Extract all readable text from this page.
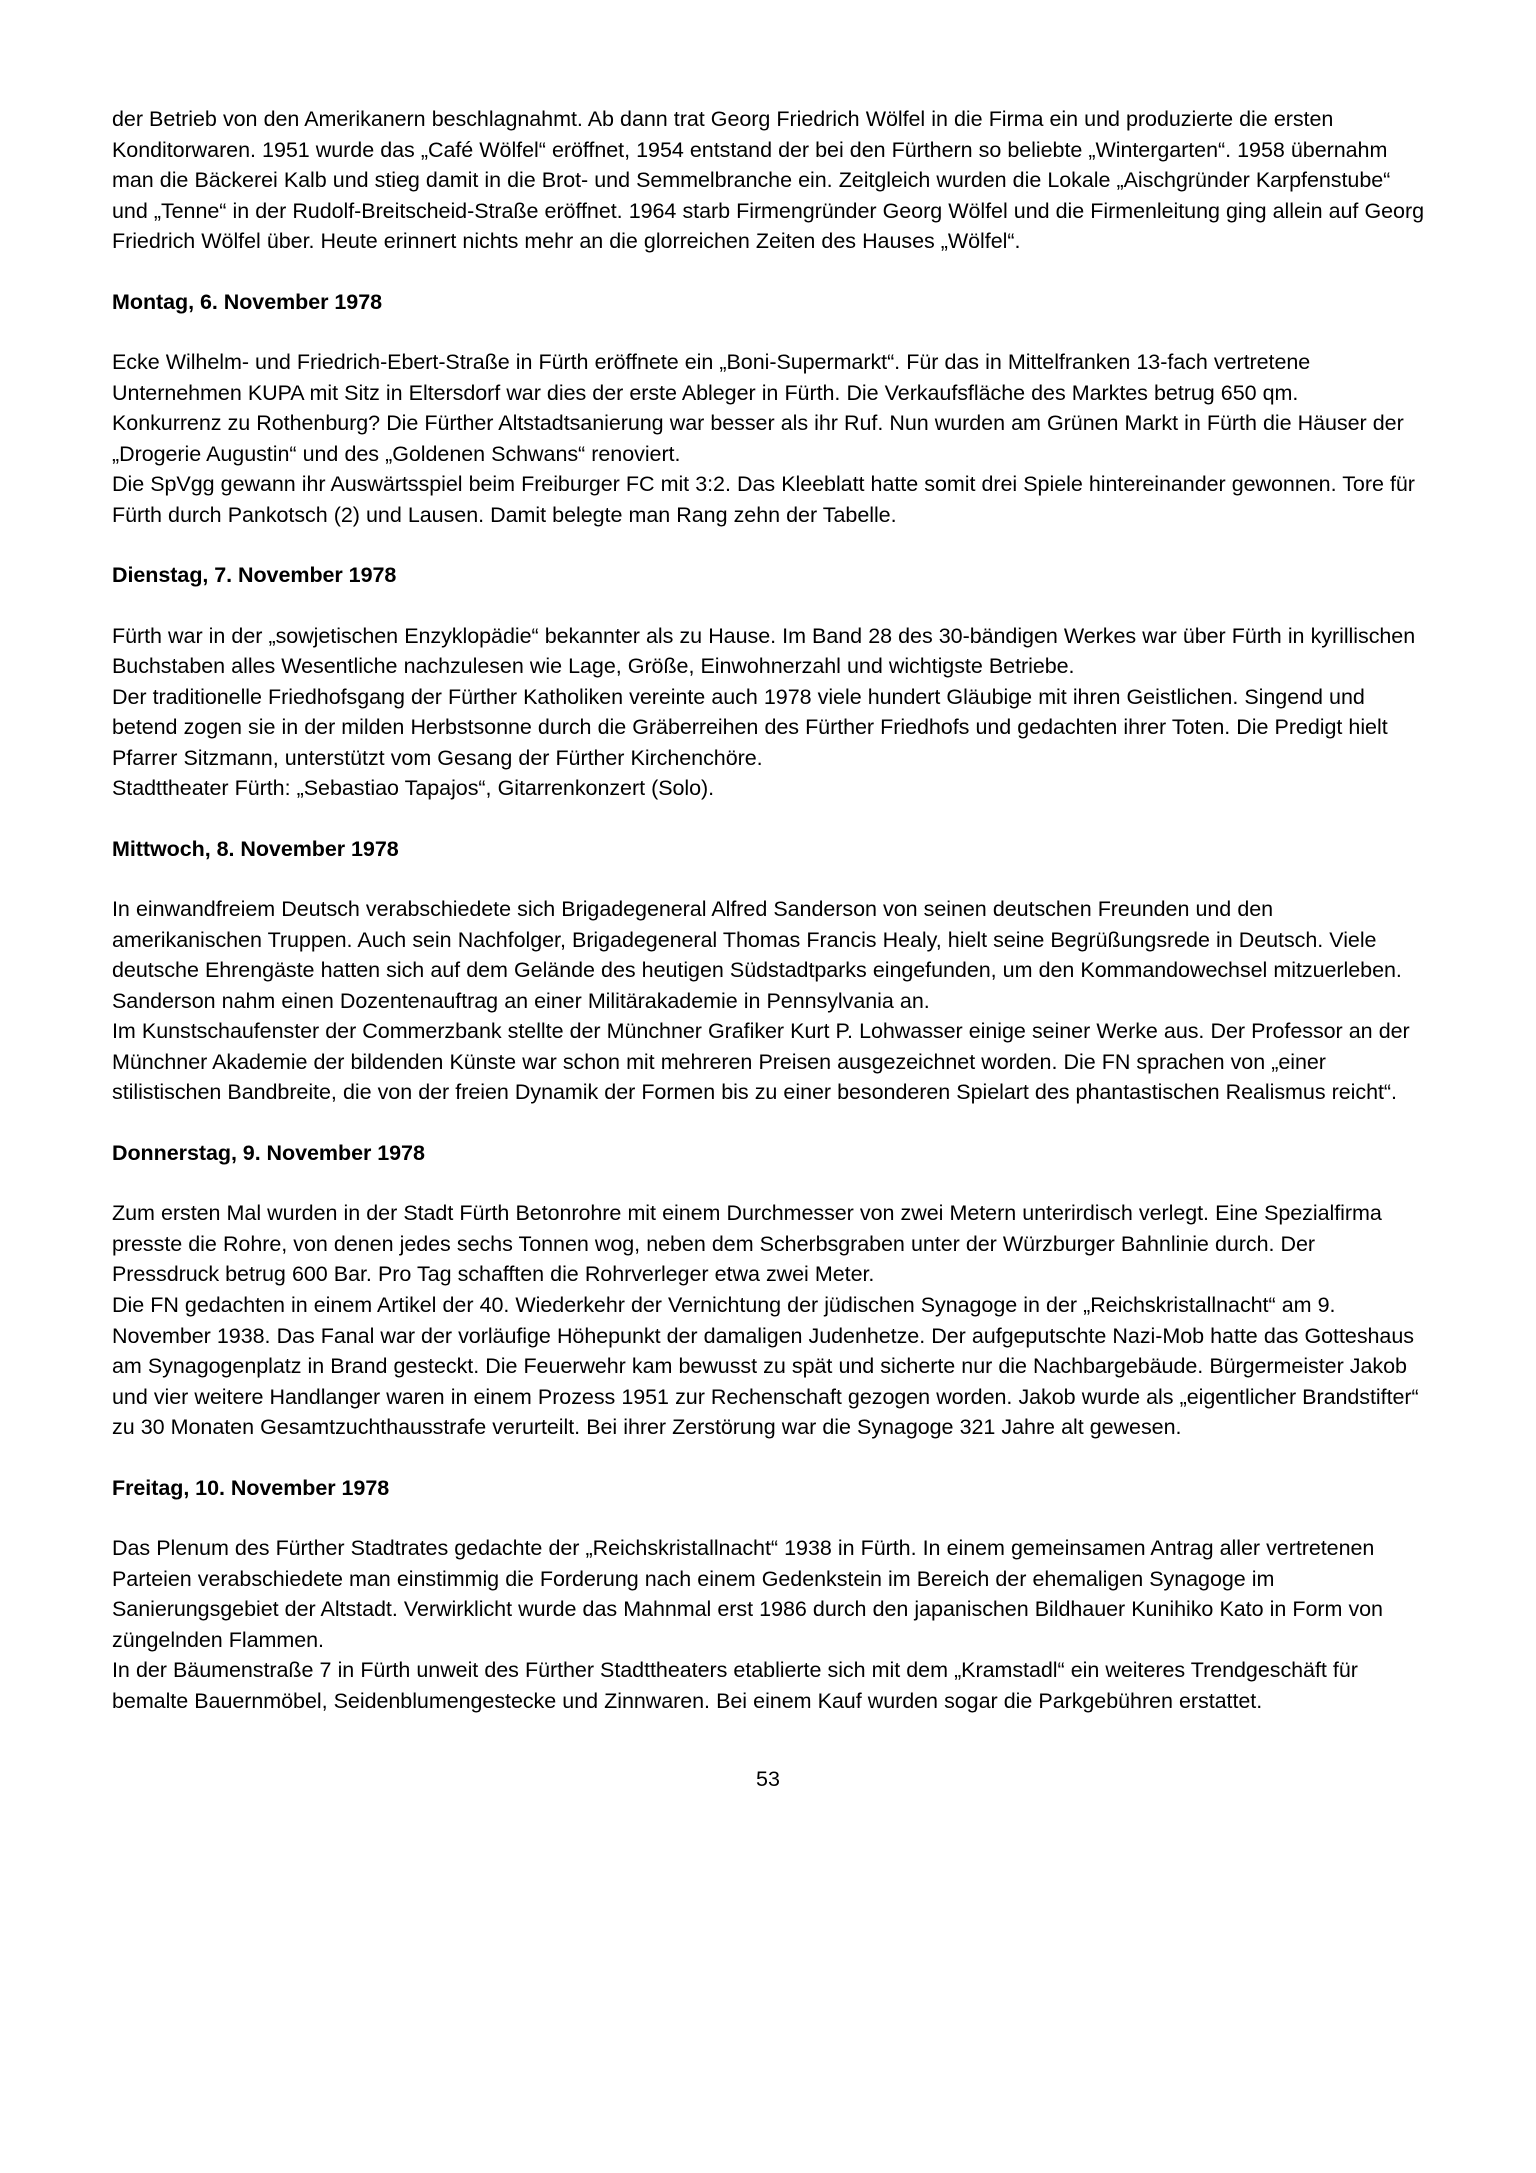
der Betrieb von den Amerikanern beschlagnahmt. Ab dann trat Georg Friedrich Wölfel in die Firma ein und produzierte die ersten Konditorwaren. 1951 wurde das „Café Wölfel“ eröffnet, 1954 entstand der bei den Fürthern so beliebte „Wintergarten“. 1958 übernahm man die Bäckerei Kalb und stieg damit in die Brot- und Semmelbranche ein. Zeitgleich wurden die Lokale „Aischgründer Karpfenstube“ und „Tenne“ in der Rudolf-Breitscheid-Straße eröffnet. 1964 starb Firmengründer Georg Wölfel und die Firmenleitung ging allein auf Georg Friedrich Wölfel über. Heute erinnert nichts mehr an die glorreichen Zeiten des Hauses „Wölfel“.

Montag, 6. November 1978

Ecke Wilhelm- und Friedrich-Ebert-Straße in Fürth eröffnete ein „Boni-Supermarkt“. Für das in Mittelfranken 13-fach vertretene Unternehmen KUPA mit Sitz in Eltersdorf war dies der erste Ableger in Fürth. Die Verkaufsfläche des Marktes betrug 650 qm.

Konkurrenz zu Rothenburg? Die Fürther Altstadtsanierung war besser als ihr Ruf. Nun wurden am Grünen Markt in Fürth die Häuser der „Drogerie Augustin“ und des „Goldenen Schwans“ renoviert.

Die SpVgg gewann ihr Auswärtsspiel beim Freiburger FC mit 3:2. Das Kleeblatt hatte somit drei Spiele hintereinander gewonnen. Tore für Fürth durch Pankotsch (2) und Lausen. Damit belegte man Rang zehn der Tabelle.

Dienstag, 7. November 1978

Fürth war in der „sowjetischen Enzyklopädie“ bekannter als zu Hause. Im Band 28 des 30-bändigen Werkes war über Fürth in kyrillischen Buchstaben alles Wesentliche nachzulesen wie Lage, Größe, Einwohnerzahl und wichtigste Betriebe.

Der traditionelle Friedhofsgang der Fürther Katholiken vereinte auch 1978 viele hundert Gläubige mit ihren Geistlichen. Singend und betend zogen sie in der milden Herbstsonne durch die Gräberreihen des Fürther Friedhofs und gedachten ihrer Toten. Die Predigt hielt Pfarrer Sitzmann, unterstützt vom Gesang der Fürther Kirchenchöre.

Stadttheater Fürth: „Sebastiao Tapajos“, Gitarrenkonzert (Solo).

Mittwoch, 8. November 1978

In einwandfreiem Deutsch verabschiedete sich Brigadegeneral Alfred Sanderson von seinen deutschen Freunden und den amerikanischen Truppen. Auch sein Nachfolger, Brigadegeneral Thomas Francis Healy, hielt seine Begrüßungsrede in Deutsch. Viele deutsche Ehrengäste hatten sich auf dem Gelände des heutigen Südstadtparks eingefunden, um den Kommandowechsel mitzuerleben. Sanderson nahm einen Dozentenauftrag an einer Militärakademie in Pennsylvania an.

Im Kunstschaufenster der Commerzbank stellte der Münchner Grafiker Kurt P. Lohwasser einige seiner Werke aus. Der Professor an der Münchner Akademie der bildenden Künste war schon mit mehreren Preisen ausgezeichnet worden. Die FN sprachen von „einer stilistischen Bandbreite, die von der freien Dynamik der Formen bis zu einer besonderen Spielart des phantastischen Realismus reicht“.

Donnerstag, 9. November 1978

Zum ersten Mal wurden in der Stadt Fürth Betonrohre mit einem Durchmesser von zwei Metern unterirdisch verlegt. Eine Spezialfirma presste die Rohre, von denen jedes sechs Tonnen wog, neben dem Scherbsgraben unter der Würzburger Bahnlinie durch. Der Pressdruck betrug 600 Bar. Pro Tag schafften die Rohrverleger etwa zwei Meter.

Die FN gedachten in einem Artikel der 40. Wiederkehr der Vernichtung der jüdischen Synagoge in der „Reichskristallnacht“ am 9. November 1938. Das Fanal war der vorläufige Höhepunkt der damaligen Judenhetze. Der aufgeputschte Nazi-Mob hatte das Gotteshaus am Synagogenplatz in Brand gesteckt. Die Feuerwehr kam bewusst zu spät und sicherte nur die Nachbargebäude. Bürgermeister Jakob und vier weitere Handlanger waren in einem Prozess 1951 zur Rechenschaft gezogen worden. Jakob wurde als „eigentlicher Brandstifter“ zu 30 Monaten Gesamtzuchthausstrafe verurteilt. Bei ihrer Zerstörung war die Synagoge 321 Jahre alt gewesen.

Freitag, 10. November 1978

Das Plenum des Fürther Stadtrates gedachte der „Reichskristallnacht“ 1938 in Fürth. In einem gemeinsamen Antrag aller vertretenen Parteien verabschiedete man einstimmig die Forderung nach einem Gedenkstein im Bereich der ehemaligen Synagoge im Sanierungsgebiet der Altstadt. Verwirklicht wurde das Mahnmal erst 1986 durch den japanischen Bildhauer Kunihiko Kato in Form von züngelnden Flammen.

In der Bäumenstraße 7 in Fürth unweit des Fürther Stadttheaters etablierte sich mit dem „Kramstadl“ ein weiteres Trendgeschäft für bemalte Bauernmöbel, Seidenblumengestecke und Zinnwaren. Bei einem Kauf wurden sogar die Parkgebühren erstattet.

53
